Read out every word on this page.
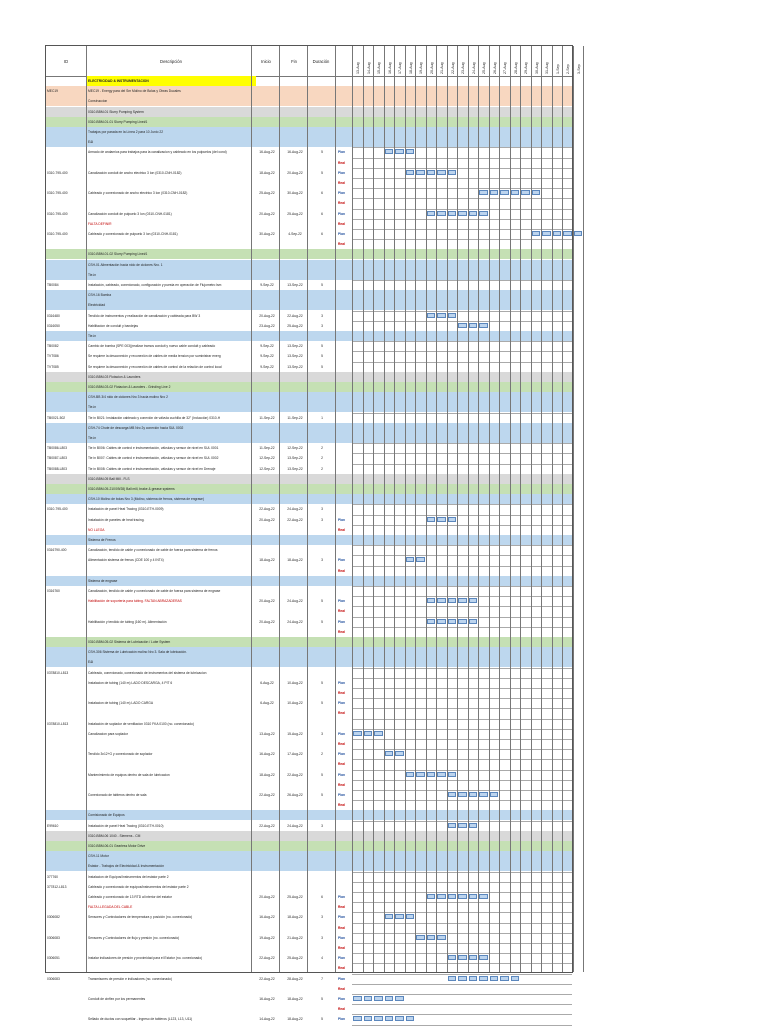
ID	Descripción	Inicio	Fin	Duración
13-Aug	14-Aug	15-Aug	16-Aug	17-Aug	18-Aug	19-Aug	20-Aug	21-Aug	22-Aug	23-Aug	24-Aug	25-Aug	26-Aug	27-Aug	28-Aug	29-Aug	30-Aug	31-Aug	1-Sep	2-Sep	3-Sep
ELECTRICIDAD & INSTRUMENTACION
MEC19	MEC19 - Energy para del Sm Molino de Bolas y Obras Ducales
Construccion
0310-BBM-01 Slurry Pumping System
0310-BBM-01-01 Slurry Pumping Line#1
Trabajos por parada en la Línea 2 para 10 Junio 22
E&I
Armado de andamios para trabajos para la canalizacion y cableado en los pulpuelos (del cond)	16-Aug-22	16-Aug-22	5	Plan
Real
0310-795-400	Canalización conduit de ancho electrico 3 Ion (0310-CNH-0182)	18-Aug-22	20-Aug-22	5	Plan
Real
0310-795-400	Cableado y conexionado de ancho electrico 3 Ion (0310-CNH-0182)	25-Aug-22	30-Aug-22	6	Plan
Real
0310-795-400	Canalización conduit de pulpuelo 3 Ion (0310-CNH-0181)	20-Aug-22	25-Aug-22	6	Plan
FALTA DEFINIR	Real
0310-795-400	Cableado y conexionado de pulpuelo 3 Ion (0310-CNH-0181)	30-Aug-22	4-Sep-22	6	Plan
Real
0310-BBM-01-02 Slurry Pumping Line#1
CSH-01 Alimentación hacia nido de ciclones Nro. 1
Tie-in
TB0084	Instalación, cableado, conexionado, configuración y puesta en operación de Flujometro lsm	9-Sep-22	13-Sep-22	5
CSH-16 Bomba
Electricidad
0316480	Tendido de instrumentos y realización de canalización y cableada para BW 3	20-Aug-22	22-Aug-22	3
0316050	Habilitacion de conduit y bandejas	23-Aug-22	25-Aug-22	3
Tie-in
TB0082	Cambio de bomba (SPE 003)(realizar tramos conduit y nuevo cable conduit y cableado	9-Sep-22	13-Sep-22	5
TVT086	Se requiere la desconexión y reconexión de cables de media tension por suministrar energ	9-Sep-22	13-Sep-22	5
TVT085	Se requiere la desconexión y reconexión de cables de control de la relación de control local	9-Sep-22	13-Sep-22	5
0310-BBM-03 Flotacion & Launders
0310-BBM-03-02 Flotacion & Launders - Grinding Line 2
CSH-BB 3/4 nido de ciclones Nro 3 hacia molino Nro 2
Tie-in
TB0021-502	Tie in B021: Instalación cableado y conexión de válvula cuchilla de 32" (Inducción) 0310-H	11-Sep-22	11-Sep-22	1
CSH-74 Chute de descarga MB Nro 2y conexión hacia SUL 0002
Tie-in
TB0086-L803	Tie in B006: Cables de control e instrumentación, válvulas y sensor de nivel en SUL 0001	11-Sep-22	12-Sep-22	2
TB0087-L803	Tie in B007: Cables de control e instrumentación, válvulas y sensor de nivel en SUL 0002	12-Sep-22	13-Sep-22	2
TB0088-L803	Tie in B008: Cables de control e instrumentación, válvulas y sensor de nivel en Drenaje	12-Sep-22	13-Sep-22	2
0310-BBM-05 Ball Mill - FLS
0310-BBM-05-210/09/28) Ball mill, brake & grease systems
CSH-10 Molino de bolas Nro 3 (Molino, sistema de frenos, sistema de engrase)
0310-795-400	Instalación de panel Heat Tracing (0310-ETH-0009)	22-Aug-22	24-Aug-22	3
Instalación de paneles de heat tracing.	20-Aug-22	22-Aug-22	3	Plan
NO LLEGA	Real
Sistema de Frenos
0316790-400	Canalización, tendido de cable y conexionado de cable de fuerza para sistema de frenos
Alimentación sistema de frenos (CDE 100 y 4 INT4)	18-Aug-22	18-Aug-22	3	Plan
Real
Sistema de engrase
0316760	Canalización, tendido de cable y conexionado de cable de fuerza para sistema de engrase
Habilitación de soportería para tubing. FALTAN ABRAZADERAS	20-Aug-22	24-Aug-22	5	Plan
Real
Habilitación y tendido de tubing (160 m). Alimentación	20-Aug-22	24-Aug-22	5	Plan
Real
0310-BBM-05-02 Sistema de Lubricación / Lube System
CSH-306 Sistema de Lubricación molino Nro 3. Sala de lubricación.
E&I
0378810-L813	Cableado, conexionado, conexionado de instrumentos del sistema de lubricacion
Instalacion de tubing (140 m) LADO DESCARGA, 4 PIT 6	6-Aug-22	10-Aug-22	5	Plan
Real
Instalacion de tubing (140 m) LADO CARGA	6-Aug-22	10-Aug-22	5	Plan
Real
0378810-L813	Instalación de soplador de ventilacion 0310 FKA 0100 (no. conexionado)
Canalizacion para soplador	13-Aug-22	15-Aug-22	3	Plan
Real
Tendido 3x12+G y conexionado de soplador	16-Aug-22	17-Aug-22	2	Plan
Real
Mantenimiento de equipos dentro de sala de lubricacion	18-Aug-22	22-Aug-22	5	Plan
Real
Conexionado de tableros dentro de sala	22-Aug-22	26-Aug-22	5	Plan
Real
Comisionado de Equipos
E99610	Instalación de panel Heat Tracing (0310-ETH-0010)	22-Aug-22	24-Aug-22	3
0310-BBM-06 1040 - Siemens - CM
0310-BBM-06-01 Gearless Motor Drive
CSH-11 Motor
Estator - Trabajos de Electricidad & Instrumentación
377760	Instalacion de Equipos/Instrumentos del estator parte 2
377812-L813	Cableado y conexionado de equipos/instrumentos del estator parte 2
Cableado y conexionado de 13 RTD al interior del estator	20-Aug-22	25-Aug-22	6	Plan
FALTA LLEGADA DEL CABLE	Real
0306082	Sensores y Controladores de temperatura y posición (no. conexionado)	16-Aug-22	18-Aug-22	3	Plan
Real
0306083	Sensores y Controladores de flujo y presión (no. conexionado)	19-Aug-22	21-Aug-22	3	Plan
Real
0306051	Instalar indicadores de presión y proximidad para el Estator (no. conexionado)	22-Aug-22	25-Aug-22	4	Plan
Real
0306083	Transmisores de presión e indicadores (no. conexionado)	22-Aug-22	28-Aug-22	7	Plan
Real
Conduit de cinflex por los permanentes	16-Aug-22	18-Aug-22	5	Plan
Real
Sellado de ductos con soquetilar - Ingreso de tableros (L123, L13, U11)	14-Aug-22	18-Aug-22	5	Plan
